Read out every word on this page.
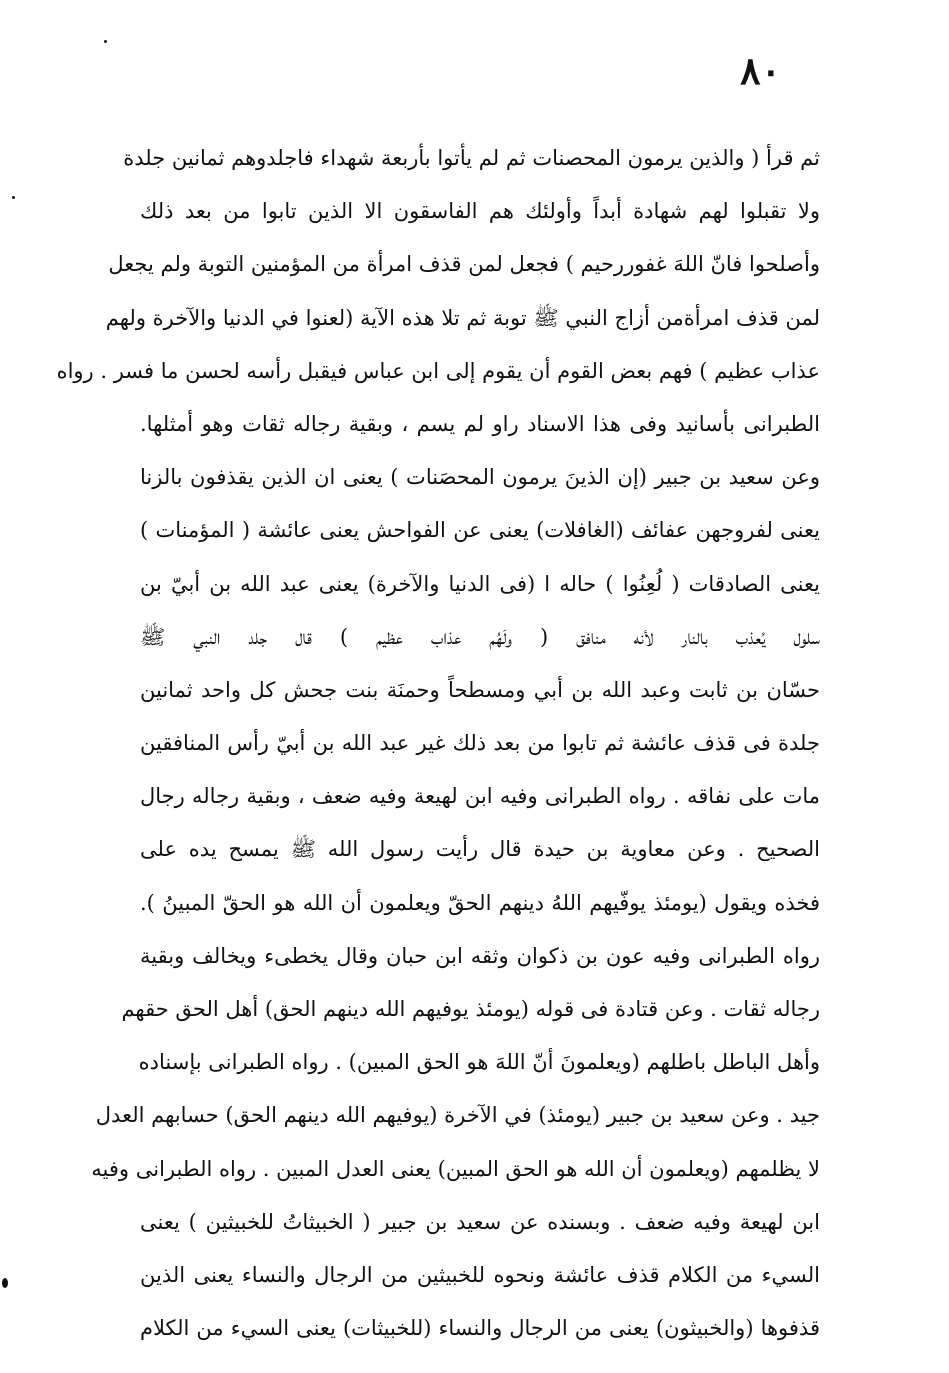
٨٠
ثم قرأ ( والذين يرمون المحصنات ثم لم يأتوا بأربعة شهداء فاجلدوهم ثمانين جلدة
ولا تقبلوا لهم شهادة أبداً وأولئك هم الفاسقون الا الذين تابوا من بعد ذلك
وأصلحوا فانّ اللهَ غفوررحيم ) فجعل لمن قذف امرأة من المؤمنين التوبة ولم يجعل
لمن قذف امرأةمن أزاج النبي ﷺ توبة ثم تلا هذه الآية (لعنوا في الدنيا والآخرة ولهم
عذاب عظيم ) فهم بعض القوم أن يقوم إلى ابن عباس فيقبل رأسه لحسن ما فسر . رواه
الطبرانى بأسانيد وفى هذا الاسناد راو لم يسم ، وبقية رجاله ثقات وهو أمثلها.
وعن سعيد بن جبير (إن الذينَ يرمون المحصَنات ) يعنى ان الذين يقذفون بالزنا
يعنى لفروجهن عفائف (الغافلات) يعنى عن الفواحش يعنى عائشة ( المؤمنات )
يعنى الصادقات ( لُعِنُوا ) حاله ا (فى الدنيا والآخرة) يعنى عبد الله بن أبيّ بن
سلول يُعذب بالنار لأنه منافق ( ولَهُم عذاب عظيم ) قال جلد النبي ﷺ
حسّان بن ثابت وعبد الله بن أبي ومسطحاً وحمنَة بنت جحش كل واحد ثمانين
جلدة فى قذف عائشة ثم تابوا من بعد ذلك غير عبد الله بن أبيّ رأس المنافقين
مات على نفاقه . رواه الطبرانى وفيه ابن لهيعة وفيه ضعف ، وبقية رجاله رجال
الصحيح . وعن معاوية بن حيدة قال رأيت رسول الله ﷺ يمسح يده على
فخذه ويقول (يومئذ يوفّيهم اللهُ دينهم الحقّ ويعلمون أن الله هو الحقّ المبينُ ).
رواه الطبرانى وفيه عون بن ذكوان وثقه ابن حبان وقال يخطىء ويخالف وبقية
رجاله ثقات . وعن قتادة فى قوله (يومئذ يوفيهم الله دينهم الحق) أهل الحق حقهم
وأهل الباطل باطلهم (ويعلمونَ أنّ اللهَ هو الحق المبين) . رواه الطبرانى بإسناده
جيد . وعن سعيد بن جبير (يومئذ) في الآخرة (يوفيهم الله دينهم الحق) حسابهم العدل
لا يظلمهم (ويعلمون أن الله هو الحق المبين) يعنى العدل المبين . رواه الطبرانى وفيه
ابن لهيعة وفيه ضعف . وبسنده عن سعيد بن جبير ( الخبيثاتُ للخبيثين ) يعنى
السيء من الكلام قذف عائشة ونحوه للخبيثين من الرجال والنساء يعنى الذين
قذفوها (والخبيثون) يعنى من الرجال والنساء (للخبيثات) يعنى السيء من الكلام
